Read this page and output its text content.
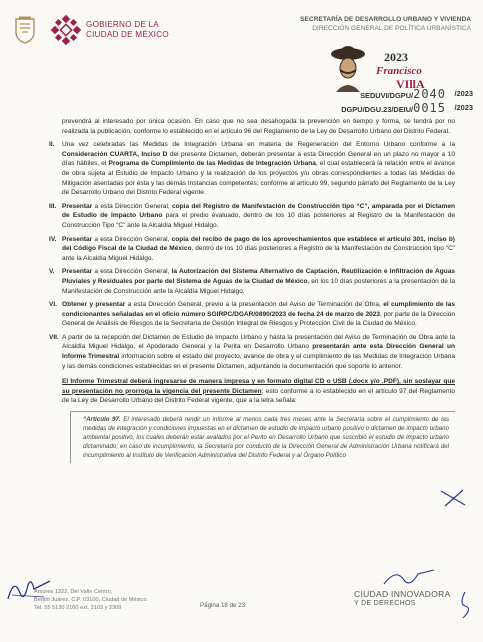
GOBIERNO DE LA
CIUDAD DE MÉXICO
SECRETARÍA DE DESARROLLO URBANO Y VIVIENDA
DIRECCIÓN GENERAL DE POLÍTICA URBANÍSTICA
2023
Francisco
VIllA
SEDUVI/DGPU/2040 /2023
DGPU/DGU.23/DEIU/0015 /2023
prevendrá al interesado por única ocasión. En caso que no sea desahogada la prevención en tiempo y forma, se tendrá por no realizada la publicación, conforme lo establecido en el artículo 96 del Reglamento de la Ley de Desarrollo Urbano del Distrito Federal.
II. Una vez celebradas las Medidas de Integración Urbana en materia de Regeneración del Entorno Urbano conforme a la Consideración CUARTA, Inciso D del presente Dictamen, deberán presentar a esta Dirección General en un plazo no mayor a 10 días hábiles, el Programa de Cumplimiento de las Medidas de Integración Urbana, el cual establecerá la relación entre el avance de obra sujeta al Estudio de Impacto Urbano y la realización de los proyectos y/u obras correspondientes a todas las Medidas de Mitigación asentadas por ésta y las demás Instancias competentes; conforme al artículo 99, segundo párrafo del Reglamento de la Ley de Desarrollo Urbano del Distrito Federal vigente.
III. Presentar a esta Dirección General, copia del Registro de Manifestación de Construcción tipo “C”, amparada por el Dictamen de Estudio de Impacto Urbano para el predio evaluado, dentro de los 10 días posteriores al Registro de la Manifestación de Construcción Tipo “C” ante la Alcaldía Miguel Hidalgo.
IV. Presentar a esta Dirección General, copia del recibo de pago de los aprovechamientos que establece el artículo 301, inciso b) del Código Fiscal de la Ciudad de México, dentro de los 10 días posteriores a Registro de la Manifestación de Construcción tipo “C” ante la Alcaldía Miguel Hidalgo.
V. Presentar a esta Dirección General, la Autorización del Sistema Alternativo de Captación, Reutilización e Infiltración de Aguas Pluviales y Residuales por parte del Sistema de Aguas de la Ciudad de México, en los 10 días posteriores a la presentación de la Manifestación de Construcción ante la Alcaldía Miguel Hidalgo.
VI. Obtener y presentar a esta Dirección General, previo a la presentación del Aviso de Terminación de Obra, el cumplimiento de las condicionantes señaladas en el oficio número SGIRPC/DGAR/0890/2023 de fecha 24 de marzo de 2023, por parte de la Dirección General de Análisis de Riesgos de la Secretaría de Gestión Integral de Riesgos y Protección Civil de la Ciudad de México.
VII. A partir de la recepción del Dictamen de Estudio de Impacto Urbano y hasta la presentación del Aviso de Terminación de Obra ante la Alcaldía Miguel Hidalgo, el Apoderado General y la Perita en Desarrollo Urbano presentarán ante esta Dirección General un Informe Trimestral información sobre el estado del proyecto, avance de obra y el cumplimiento de las Medidas de Integración Urbana y las demás condiciones establecidas en el presente Dictamen, adjuntando la documentación que soporte lo anterior.
El Informe Trimestral deberá ingresarse de manera impresa y en formato digital CD o USB (.docx y/o .PDF), sin soslayar que su presentación no prorroga la vigencia del presente Dictamen; esto conforme a lo establecido en el artículo 97 del Reglamento de la Ley de Desarrollo Urbano del Distrito Federal vigente, que a la letra señala:
“Artículo 97. El interesado deberá rendir un informe al menos cada tres meses ante la Secretaría sobre el cumplimiento de las medidas de integración y condiciones impuestas en el dictamen de estudio de impacto urbano positivo o dictamen de impacto urbano ambiental positivo, los cuales deberán estar avalados por el Perito en Desarrollo Urbano que suscribió el estudio de impacto urbano dictaminado; en caso de incumplimiento, la Secretaría por conducto de la Dirección General de Administración Urbana notificará del incumplimiento al Instituto de Verificación Administrativa del Distrito Federal y al Órgano Político
Amores 1322, Del Valle Centro,
Benito Juárez, C.P. 03100, Ciudad de México.
Tel. 55 5130 2100 ext. 2103 y 2309	Página 18 de 23
CIUDAD INNOVADORA
Y DE DERECHOS
